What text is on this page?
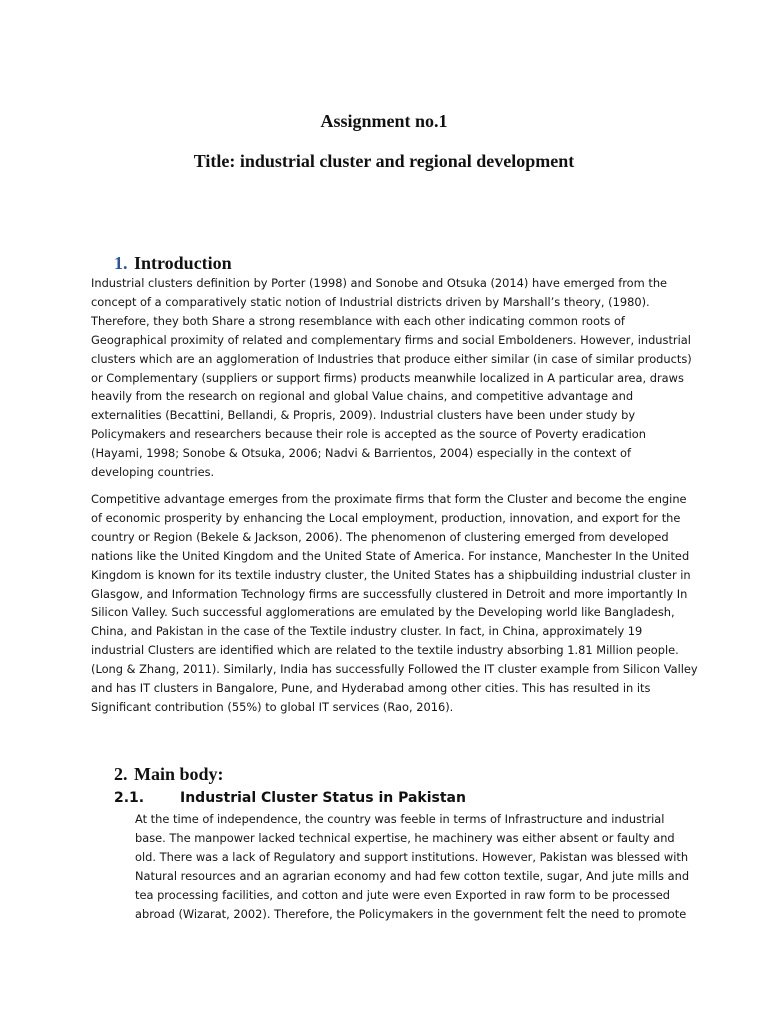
Assignment no.1
Title: industrial cluster and regional development
1. Introduction
Industrial clusters definition by Porter (1998) and Sonobe and Otsuka (2014) have emerged from the
concept of a comparatively static notion of Industrial districts driven by Marshall’s theory, (1980).
Therefore, they both Share a strong resemblance with each other indicating common roots of
Geographical proximity of related and complementary firms and social Emboldeners. However, industrial
clusters which are an agglomeration of Industries that produce either similar (in case of similar products)
or Complementary (suppliers or support firms) products meanwhile localized in A particular area, draws
heavily from the research on regional and global Value chains, and competitive advantage and
externalities (Becattini, Bellandi, & Propris, 2009). Industrial clusters have been under study by
Policymakers and researchers because their role is accepted as the source of Poverty eradication
(Hayami, 1998; Sonobe & Otsuka, 2006; Nadvi & Barrientos, 2004) especially in the context of
developing countries.
Competitive advantage emerges from the proximate firms that form the Cluster and become the engine
of economic prosperity by enhancing the Local employment, production, innovation, and export for the
country or Region (Bekele & Jackson, 2006). The phenomenon of clustering emerged from developed
nations like the United Kingdom and the United State of America. For instance, Manchester In the United
Kingdom is known for its textile industry cluster, the United States has a shipbuilding industrial cluster in
Glasgow, and Information Technology firms are successfully clustered in Detroit and more importantly In
Silicon Valley. Such successful agglomerations are emulated by the Developing world like Bangladesh,
China, and Pakistan in the case of the Textile industry cluster. In fact, in China, approximately 19
industrial Clusters are identified which are related to the textile industry absorbing 1.81 Million people.
(Long & Zhang, 2011). Similarly, India has successfully Followed the IT cluster example from Silicon Valley
and has IT clusters in Bangalore, Pune, and Hyderabad among other cities. This has resulted in its
Significant contribution (55%) to global IT services (Rao, 2016).
2. Main body:
2.1.	Industrial Cluster Status in Pakistan
At the time of independence, the country was feeble in terms of Infrastructure and industrial
base. The manpower lacked technical expertise, he machinery was either absent or faulty and
old. There was a lack of Regulatory and support institutions. However, Pakistan was blessed with
Natural resources and an agrarian economy and had few cotton textile, sugar, And jute mills and
tea processing facilities, and cotton and jute were even Exported in raw form to be processed
abroad (Wizarat, 2002). Therefore, the Policymakers in the government felt the need to promote
